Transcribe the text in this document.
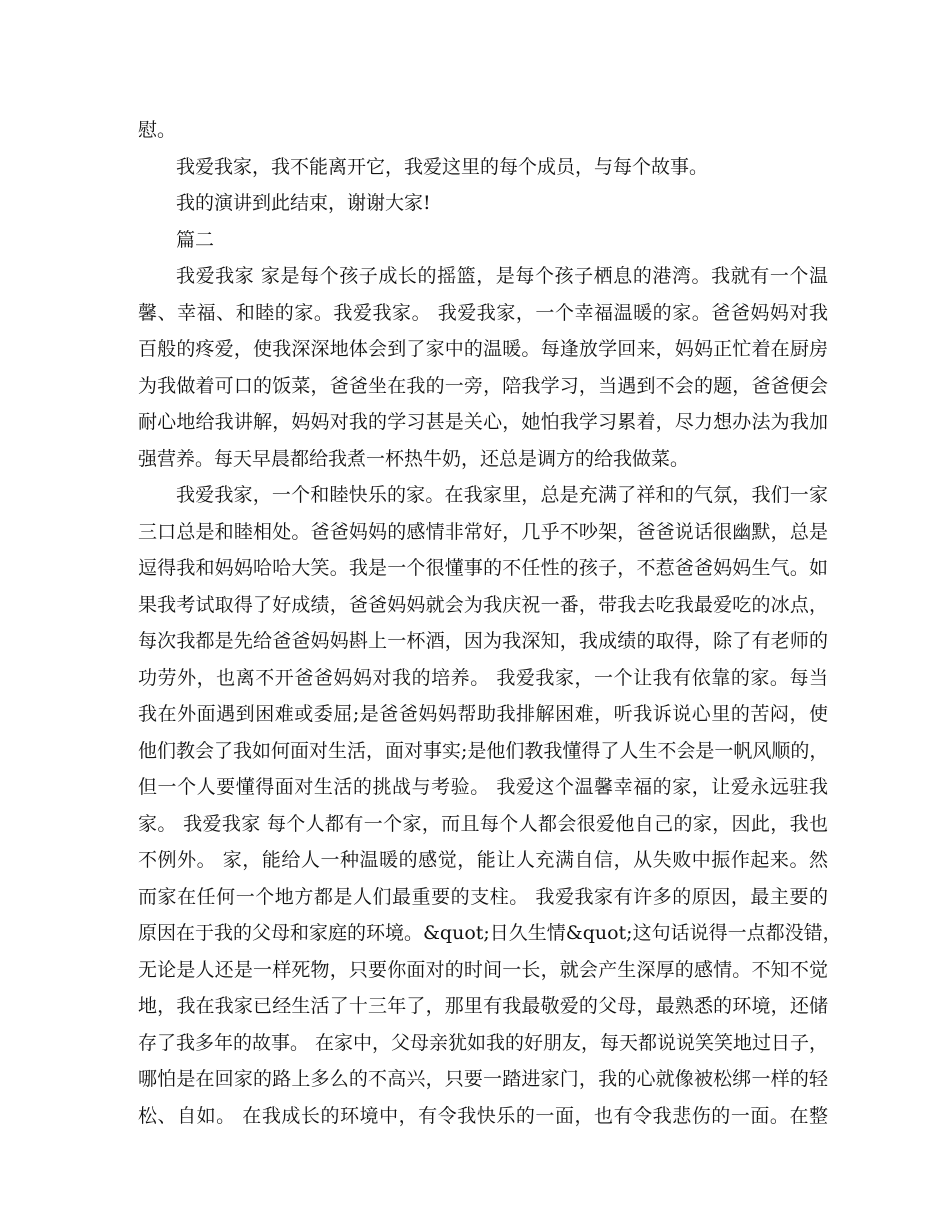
慰。
我爱我家，我不能离开它，我爱这里的每个成员，与每个故事。
我的演讲到此结束，谢谢大家!
篇二
我爱我家 家是每个孩子成长的摇篮，是每个孩子栖息的港湾。我就有一个温
馨、幸福、和睦的家。我爱我家。 我爱我家，一个幸福温暖的家。爸爸妈妈对我
百般的疼爱，使我深深地体会到了家中的温暖。每逢放学回来，妈妈正忙着在厨房
为我做着可口的饭菜，爸爸坐在我的一旁，陪我学习，当遇到不会的题，爸爸便会
耐心地给我讲解，妈妈对我的学习甚是关心，她怕我学习累着，尽力想办法为我加
强营养。每天早晨都给我煮一杯热牛奶，还总是调方的给我做菜。
我爱我家，一个和睦快乐的家。在我家里，总是充满了祥和的气氛，我们一家
三口总是和睦相处。爸爸妈妈的感情非常好，几乎不吵架，爸爸说话很幽默，总是
逗得我和妈妈哈哈大笑。我是一个很懂事的不任性的孩子，不惹爸爸妈妈生气。如
果我考试取得了好成绩，爸爸妈妈就会为我庆祝一番，带我去吃我最爱吃的冰点，
每次我都是先给爸爸妈妈斟上一杯酒，因为我深知，我成绩的取得，除了有老师的
功劳外，也离不开爸爸妈妈对我的培养。 我爱我家，一个让我有依靠的家。每当
我在外面遇到困难或委屈;是爸爸妈妈帮助我排解困难，听我诉说心里的苦闷，使
他们教会了我如何面对生活，面对事实;是他们教我懂得了人生不会是一帆风顺的，
但一个人要懂得面对生活的挑战与考验。 我爱这个温馨幸福的家，让爱永远驻我
家。 我爱我家 每个人都有一个家，而且每个人都会很爱他自己的家，因此，我也
不例外。 家，能给人一种温暖的感觉，能让人充满自信，从失败中振作起来。然
而家在任何一个地方都是人们最重要的支柱。 我爱我家有许多的原因，最主要的
原因在于我的父母和家庭的环境。&quot;日久生情&quot;这句话说得一点都没错，
无论是人还是一样死物，只要你面对的时间一长，就会产生深厚的感情。不知不觉
地，我在我家已经生活了十三年了，那里有我最敬爱的父母，最熟悉的环境，还储
存了我多年的故事。 在家中，父母亲犹如我的好朋友，每天都说说笑笑地过日子，
哪怕是在回家的路上多么的不高兴，只要一踏进家门，我的心就像被松绑一样的轻
松、自如。 在我成长的环境中，有令我快乐的一面，也有令我悲伤的一面。在整
